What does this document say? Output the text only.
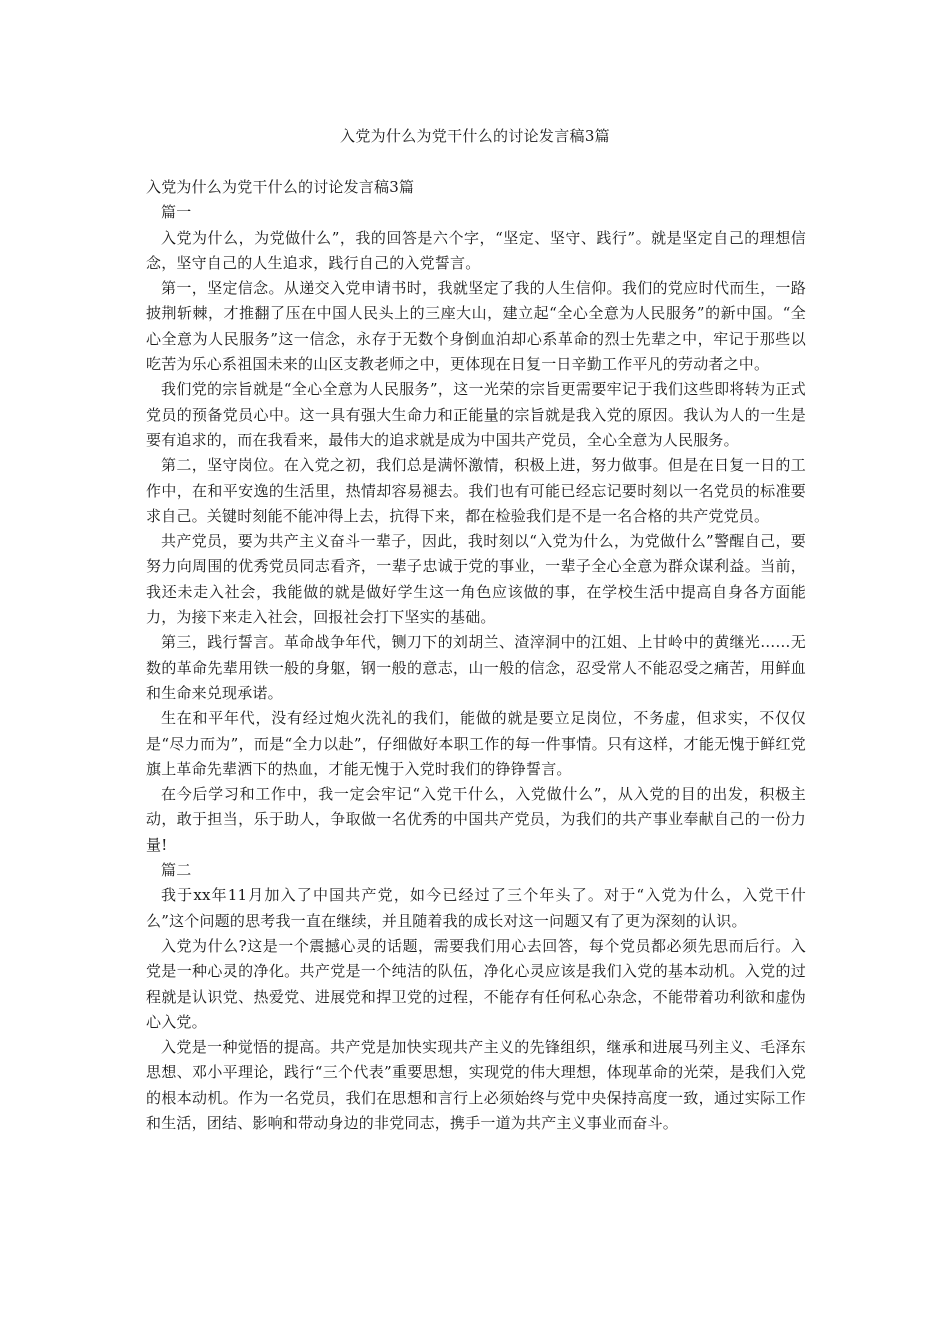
入党为什么为党干什么的讨论发言稿3篇

入党为什么为党干什么的讨论发言稿3篇

篇一

入党为什么，为党做什么”，我的回答是六个字，“坚定、坚守、践行”。就是坚定自己的理想信念，坚守自己的人生追求，践行自己的入党誓言。

第一，坚定信念。从递交入党申请书时，我就坚定了我的人生信仰。我们的党应时代而生，一路披荆斩棘，才推翻了压在中国人民头上的三座大山，建立起“全心全意为人民服务”的新中国。“全心全意为人民服务”这一信念，永存于无数个身倒血泊却心系革命的烈士先辈之中，牢记于那些以吃苦为乐心系祖国未来的山区支教老师之中，更体现在日复一日辛勤工作平凡的劳动者之中。

我们党的宗旨就是“全心全意为人民服务”，这一光荣的宗旨更需要牢记于我们这些即将转为正式党员的预备党员心中。这一具有强大生命力和正能量的宗旨就是我入党的原因。我认为人的一生是要有追求的，而在我看来，最伟大的追求就是成为中国共产党员，全心全意为人民服务。

第二，坚守岗位。在入党之初，我们总是满怀激情，积极上进，努力做事。但是在日复一日的工作中，在和平安逸的生活里，热情却容易褪去。我们也有可能已经忘记要时刻以一名党员的标准要求自己。关键时刻能不能冲得上去，抗得下来，都在检验我们是不是一名合格的共产党党员。

共产党员，要为共产主义奋斗一辈子，因此，我时刻以“入党为什么，为党做什么”警醒自己，要努力向周围的优秀党员同志看齐，一辈子忠诚于党的事业，一辈子全心全意为群众谋利益。当前，我还未走入社会，我能做的就是做好学生这一角色应该做的事，在学校生活中提高自身各方面能力，为接下来走入社会，回报社会打下坚实的基础。

第三，践行誓言。革命战争年代，铡刀下的刘胡兰、渣滓洞中的江姐、上甘岭中的黄继光……无数的革命先辈用铁一般的身躯，钢一般的意志，山一般的信念，忍受常人不能忍受之痛苦，用鲜血和生命来兑现承诺。

生在和平年代，没有经过炮火洗礼的我们，能做的就是要立足岗位，不务虚，但求实，不仅仅是“尽力而为”，而是“全力以赴”，仔细做好本职工作的每一件事情。只有这样，才能无愧于鲜红党旗上革命先辈洒下的热血，才能无愧于入党时我们的铮铮誓言。

在今后学习和工作中，我一定会牢记“入党干什么，入党做什么”，从入党的目的出发，积极主动，敢于担当，乐于助人，争取做一名优秀的中国共产党员，为我们的共产事业奉献自己的一份力量!

篇二

我于xx年11月加入了中国共产党，如今已经过了三个年头了。对于“入党为什么，入党干什么”这个问题的思考我一直在继续，并且随着我的成长对这一问题又有了更为深刻的认识。

入党为什么?这是一个震撼心灵的话题，需要我们用心去回答，每个党员都必须先思而后行。入党是一种心灵的净化。共产党是一个纯洁的队伍，净化心灵应该是我们入党的基本动机。入党的过程就是认识党、热爱党、进展党和捍卫党的过程，不能存有任何私心杂念，不能带着功利欲和虚伪心入党。

入党是一种觉悟的提高。共产党是加快实现共产主义的先锋组织，继承和进展马列主义、毛泽东思想、邓小平理论，践行“三个代表”重要思想，实现党的伟大理想，体现革命的光荣，是我们入党的根本动机。作为一名党员，我们在思想和言行上必须始终与党中央保持高度一致，通过实际工作和生活，团结、影响和带动身边的非党同志，携手一道为共产主义事业而奋斗。
